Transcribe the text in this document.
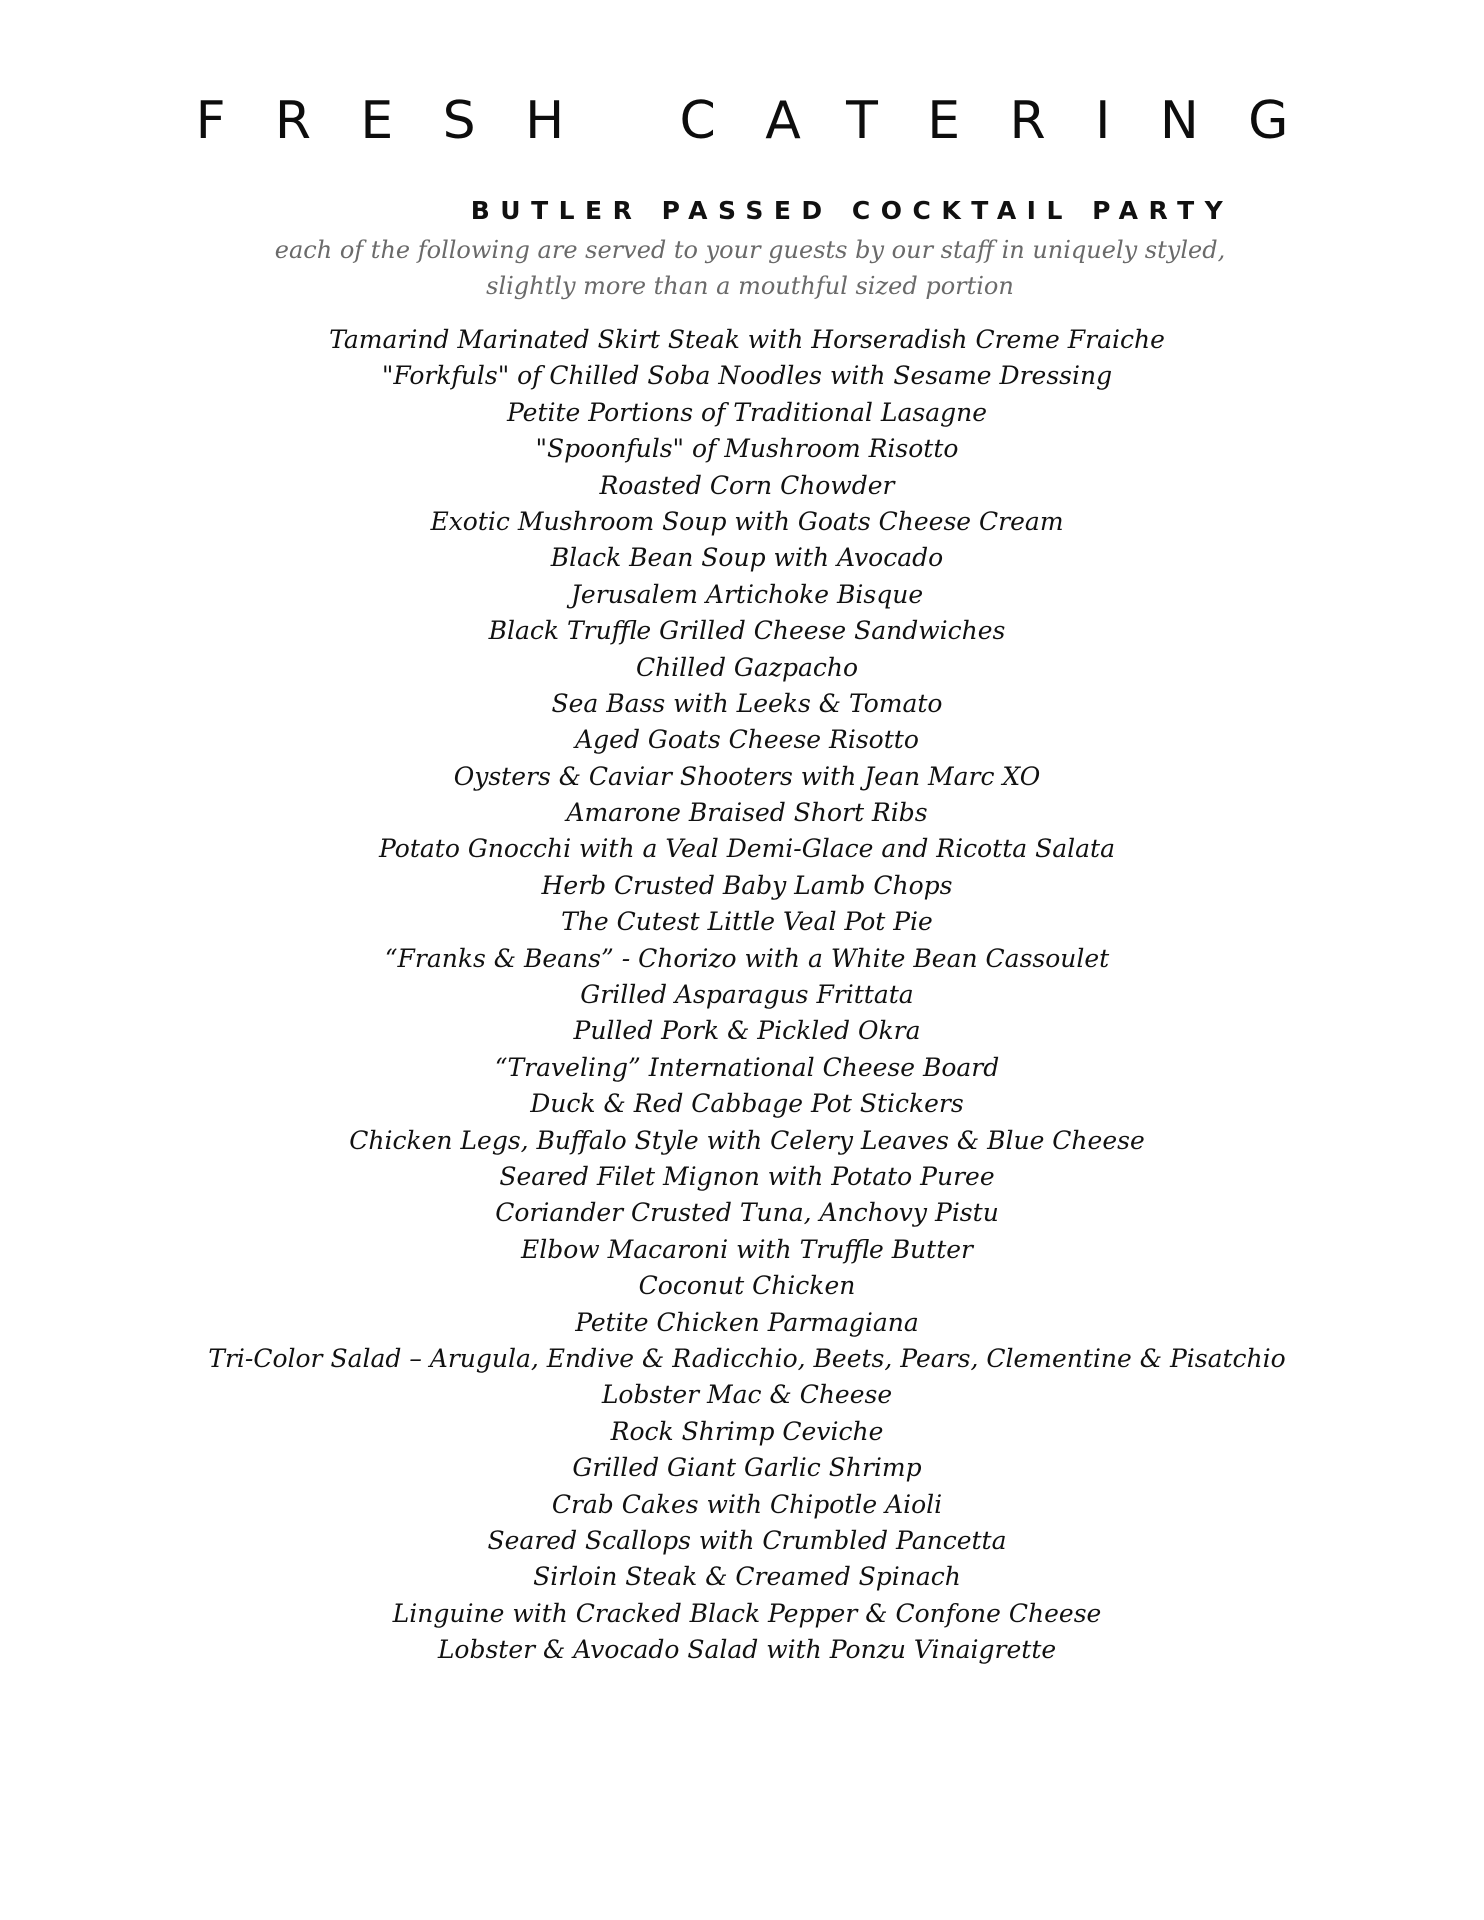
FRESH CATERING
BUTLER PASSED COCKTAIL PARTY

each of the following are served to your guests by our staff in uniquely styled,
slightly more than a mouthful sized portion

Tamarind Marinated Skirt Steak with Horseradish Creme Fraiche
"Forkfuls" of Chilled Soba Noodles with Sesame Dressing
Petite Portions of Traditional Lasagne
"Spoonfuls" of Mushroom Risotto
Roasted Corn Chowder
Exotic Mushroom Soup with Goats Cheese Cream
Black Bean Soup with Avocado
Jerusalem Artichoke Bisque
Black Truffle Grilled Cheese Sandwiches
Chilled Gazpacho
Sea Bass with Leeks & Tomato
Aged Goats Cheese Risotto
Oysters & Caviar Shooters with Jean Marc XO
Amarone Braised Short Ribs
Potato Gnocchi with a Veal Demi-Glace and Ricotta Salata
Herb Crusted Baby Lamb Chops
The Cutest Little Veal Pot Pie
“Franks & Beans” - Chorizo with a White Bean Cassoulet
Grilled Asparagus Frittata
Pulled Pork & Pickled Okra
“Traveling” International Cheese Board
Duck & Red Cabbage Pot Stickers
Chicken Legs, Buffalo Style with Celery Leaves & Blue Cheese
Seared Filet Mignon with Potato Puree
Coriander Crusted Tuna, Anchovy Pistu
Elbow Macaroni with Truffle Butter
Coconut Chicken
Petite Chicken Parmagiana
Tri-Color Salad – Arugula, Endive & Radicchio, Beets, Pears, Clementine & Pisatchio
Lobster Mac & Cheese
Rock Shrimp Ceviche
Grilled Giant Garlic Shrimp
Crab Cakes with Chipotle Aioli
Seared Scallops with Crumbled Pancetta
Sirloin Steak & Creamed Spinach
Linguine with Cracked Black Pepper & Confone Cheese
Lobster & Avocado Salad with Ponzu Vinaigrette
